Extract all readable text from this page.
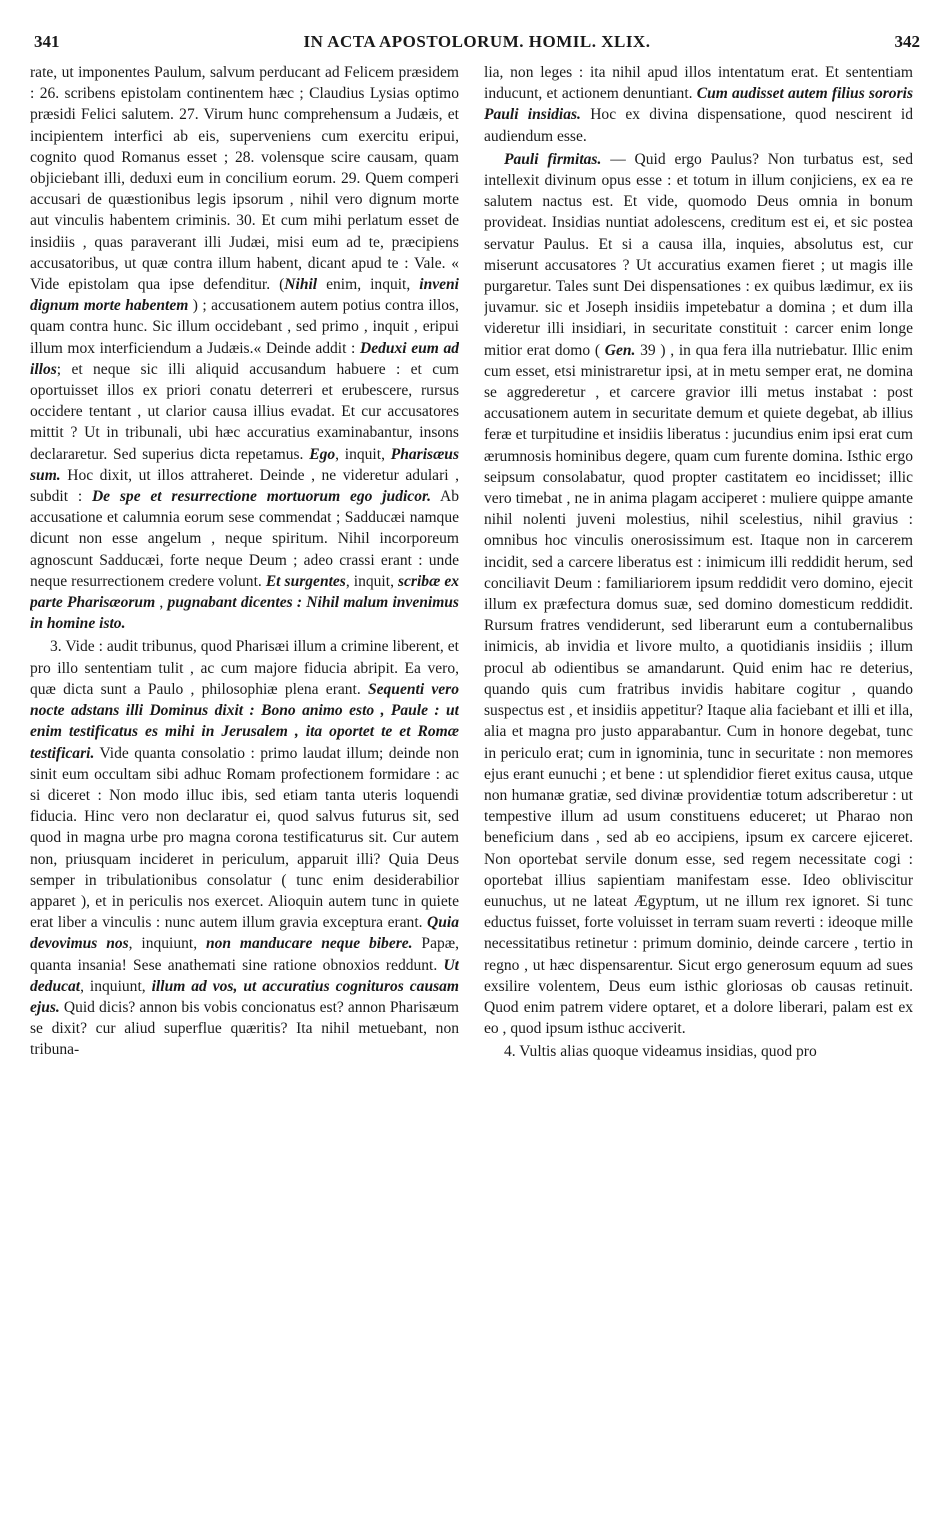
341	IN ACTA APOSTOLORUM. HOMIL. XLIX.	342

rate, ut imponentes Paulum, salvum perducant ad Felicem præsidem : 26. scribens epistolam continentem hæc ; Claudius Lysias optimo præsidi Felici salutem. 27. Virum hunc comprehensum a Judæis, et incipientem interfici ab eis, superveniens cum exercitu eripui, cognito quod Romanus esset ; 28. volensque scire causam, quam objiciebant illi, deduxi eum in concilium eorum. 29. Quem comperi accusari de quæstionibus legis ipsorum , nihil vero dignum morte aut vinculis habentem criminis. 30. Et cum mihi perlatum esset de insidiis , quas paraverant illi Judæi, misi eum ad te, præcipiens accusatoribus, ut quæ contra illum habent, dicant apud te : Vale. « Vide epistolam qua ipse defenditur. (Nihil enim, inquit, inveni dignum morte habentem ) ; accusationem autem potius contra illos, quam contra hunc. Sic illum occidebant , sed primo , inquit , eripui illum mox interficiendum a Judæis.« Deinde addit : Deduxi eum ad illos; et neque sic illi aliquid accusandum habuere : et cum oportuisset illos ex priori conatu deterreri et erubescere, rursus occidere tentant , ut clarior causa illius evadat. Et cur accusatores mittit ? Ut in tribunali, ubi hæc accuratius examinabantur, insons declararetur. Sed superius dicta repetamus. Ego, inquit, Pharisæus sum. Hoc dixit, ut illos attraheret. Deinde , ne videretur adulari , subdit : De spe et resurrectione mortuorum ego judicor. Ab accusatione et calumnia eorum sese commendat ; Sadducæi namque dicunt non esse angelum , neque spiritum. Nihil incorporeum agnoscunt Sadducæi, forte neque Deum ; adeo crassi erant : unde neque resurrectionem credere volunt. Et surgentes, inquit, scribæ ex parte Pharisæorum , pugnabant dicentes : Nihil malum invenimus in homine isto.

3. Vide : audit tribunus, quod Pharisæi illum a crimine liberent, et pro illo sententiam tulit , ac cum majore fiducia abripit. Ea vero, quæ dicta sunt a Paulo , philosophiæ plena erant. Sequenti vero nocte adstans illi Dominus dixit : Bono animo esto , Paule : ut enim testificatus es mihi in Jerusalem , ita oportet te et Romæ testificari. Vide quanta consolatio : primo laudat illum; deinde non sinit eum occultam sibi adhuc Romam profectionem formidare : ac si diceret : Non modo illuc ibis, sed etiam tanta uteris loquendi fiducia. Hinc vero non declaratur ei, quod salvus futurus sit, sed quod in magna urbe pro magna corona testificaturus sit. Cur autem non, priusquam incideret in periculum, apparuit illi? Quia Deus semper in tribulationibus consolatur ( tunc enim desiderabilior apparet ), et in periculis nos exercet. Alioquin autem tunc in quiete erat liber a vinculis : nunc autem illum gravia exceptura erant. Quia devovimus nos, inquiunt, non manducare neque bibere. Papæ, quanta insania! Sese anathemati sine ratione obnoxios reddunt. Ut deducat, inquiunt, illum ad vos, ut accuratius cognituros causam ejus. Quid dicis? annon bis vobis concionatus est? annon Pharisæum se dixit? cur aliud superflue quæritis? Ita nihil metuebant, non tribuna-

lia, non leges : ita nihil apud illos intentatum erat. Et sententiam inducunt, et actionem denuntiant. Cum audisset autem filius sororis Pauli insidias. Hoc ex divina dispensatione, quod nescirent id audiendum esse.

Pauli firmitas. — Quid ergo Paulus? Non turbatus est, sed intellexit divinum opus esse : et totum in illum conjiciens, ex ea re salutem nactus est. Et vide, quomodo Deus omnia in bonum provideat. Insidias nuntiat adolescens, creditum est ei, et sic postea servatur Paulus. Et si a causa illa, inquies, absolutus est, cur miserunt accusatores ? Ut accuratius examen fieret ; ut magis ille purgaretur. Tales sunt Dei dispensationes : ex quibus lædimur, ex iis juvamur. sic et Joseph insidiis impetebatur a domina ; et dum illa videretur illi insidiari, in securitate constituit : carcer enim longe mitior erat domo ( Gen. 39 ) , in qua fera illa nutriebatur. Illic enim cum esset, etsi ministraretur ipsi, at in metu semper erat, ne domina se aggrederetur , et carcere gravior illi metus instabat : post accusationem autem in securitate demum et quiete degebat, ab illius feræ et turpitudine et insidiis liberatus : jucundius enim ipsi erat cum ærumnosis hominibus degere, quam cum furente domina. Isthic ergo seipsum consolabatur, quod propter castitatem eo incidisset; illic vero timebat , ne in anima plagam acciperet : muliere quippe amante nihil nolenti juveni molestius, nihil scelestius, nihil gravius : omnibus hoc vinculis onerosissimum est. Itaque non in carcerem incidit, sed a carcere liberatus est : inimicum illi reddidit herum, sed conciliavit Deum : familiariorem ipsum reddidit vero domino, ejecit illum ex præfectura domus suæ, sed domino domesticum reddidit. Rursum fratres vendiderunt, sed liberarunt eum a contubernalibus inimicis, ab invidia et livore multo, a quotidianis insidiis ; illum procul ab odientibus se amandarunt. Quid enim hac re deterius, quando quis cum fratribus invidis habitare cogitur , quando suspectus est , et insidiis appetitur? Itaque alia faciebant et illi et illa, alia et magna pro justo apparabantur. Cum in honore degebat, tunc in periculo erat; cum in ignominia, tunc in securitate : non memores ejus erant eunuchi ; et bene : ut splendidior fieret exitus causa, utque non humanæ gratiæ, sed divinæ providentiæ totum adscriberetur : ut tempestive illum ad usum constituens educeret; ut Pharao non beneficium dans , sed ab eo accipiens, ipsum ex carcere ejiceret. Non oportebat servile donum esse, sed regem necessitate cogi : oportebat illius sapientiam manifestam esse. Ideo obliviscitur eunuchus, ut ne lateat Ægyptum, ut ne illum rex ignoret. Si tunc eductus fuisset, forte voluisset in terram suam reverti : ideoque mille necessitatibus retinetur : primum dominio, deinde carcere , tertio in regno , ut hæc dispensarentur. Sicut ergo generosum equum ad sues exsilire volentem, Deus eum isthic gloriosas ob causas retinuit. Quod enim patrem videre optaret, et a dolore liberari, palam est ex eo , quod ipsum isthuc acciverit.

4. Vultis alias quoque videamus insidias, quod pro
